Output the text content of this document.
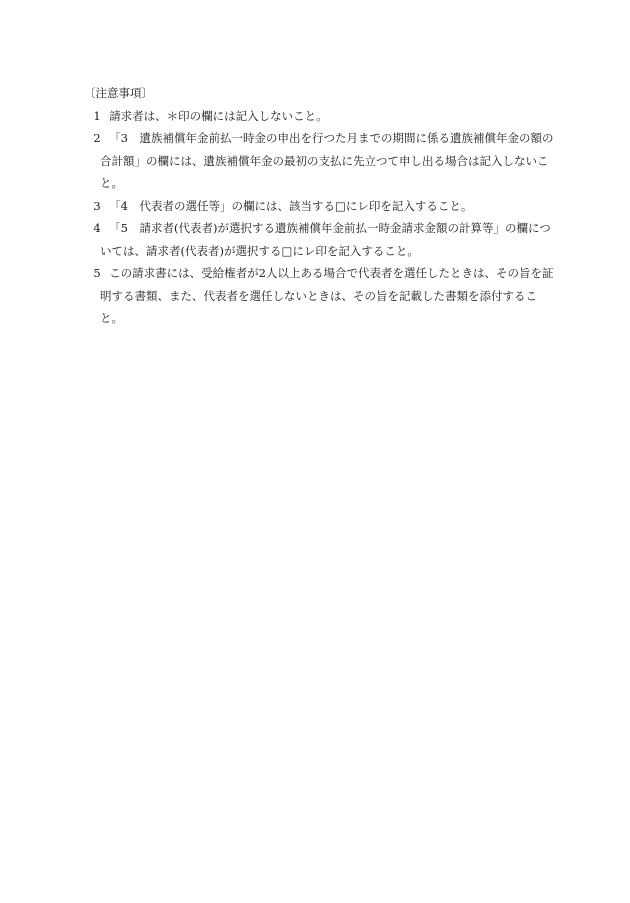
〔注意事項〕
1 請求者は、＊印の欄には記入しないこと。
2 「3　遺族補償年金前払一時金の申出を行つた月までの期間に係る遺族補償年金の額の合計額」の欄には、遺族補償年金の最初の支払に先立つて申し出る場合は記入しないこと。
3 「4　代表者の選任等」の欄には、該当する□にレ印を記入すること。
4 「5　請求者(代表者)が選択する遺族補償年金前払一時金請求金額の計算等」の欄については、請求者(代表者)が選択する□にレ印を記入すること。
5 この請求書には、受給権者が2人以上ある場合で代表者を選任したときは、その旨を証明する書類、また、代表者を選任しないときは、その旨を記載した書類を添付すること。
